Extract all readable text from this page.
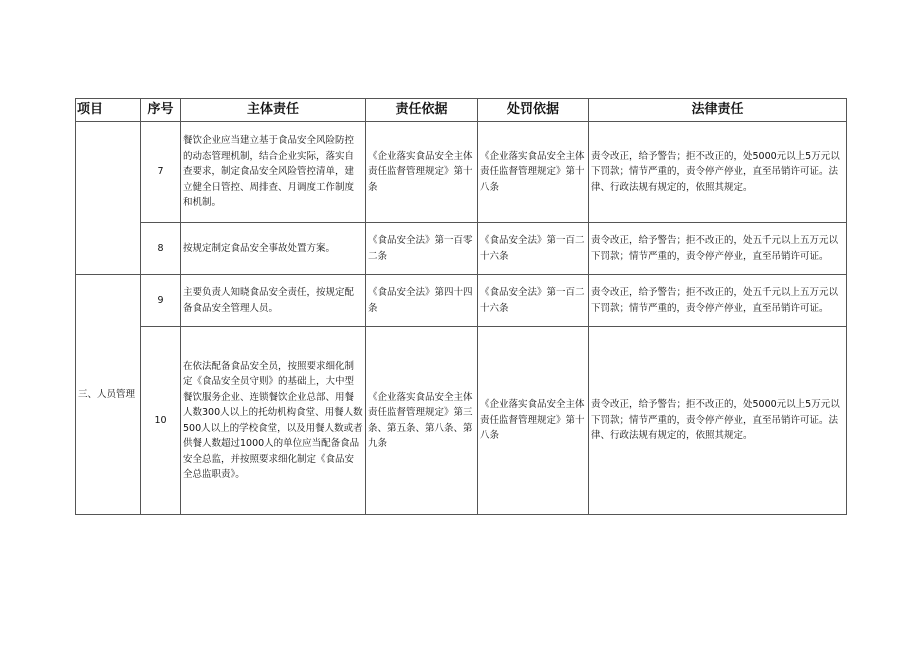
项目	序号	主体责任	责任依据	处罚依据	法律责任
	7	餐饮企业应当建立基于食品安全风险防控的动态管理机制，结合企业实际，落实自查要求，制定食品安全风险管控清单，建立健全日管控、周排查、月调度工作制度和机制。	《企业落实食品安全主体责任监督管理规定》第十条	《企业落实食品安全主体责任监督管理规定》第十八条	责令改正，给予警告；拒不改正的，处5000元以上5万元以下罚款；情节严重的，责令停产停业，直至吊销许可证。法律、行政法规有规定的，依照其规定。
	8	按规定制定食品安全事故处置方案。	《食品安全法》第一百零二条	《食品安全法》第一百二十六条	责令改正，给予警告；拒不改正的，处五千元以上五万元以下罚款；情节严重的，责令停产停业，直至吊销许可证。
三、人员管理	9	主要负责人知晓食品安全责任，按规定配备食品安全管理人员。	《食品安全法》第四十四条	《食品安全法》第一百二十六条	责令改正，给予警告；拒不改正的，处五千元以上五万元以下罚款；情节严重的，责令停产停业，直至吊销许可证。
	10	在依法配备食品安全员，按照要求细化制定《食品安全员守则》的基础上，大中型餐饮服务企业、连锁餐饮企业总部、用餐人数300人以上的托幼机构食堂、用餐人数500人以上的学校食堂，以及用餐人数或者供餐人数超过1000人的单位应当配备食品安全总监，并按照要求细化制定《食品安全总监职责》。	《企业落实食品安全主体责任监督管理规定》第三条、第五条、第八条、第九条	《企业落实食品安全主体责任监督管理规定》第十八条	责令改正，给予警告；拒不改正的，处5000元以上5万元以下罚款；情节严重的，责令停产停业，直至吊销许可证。法律、行政法规有规定的，依照其规定。
